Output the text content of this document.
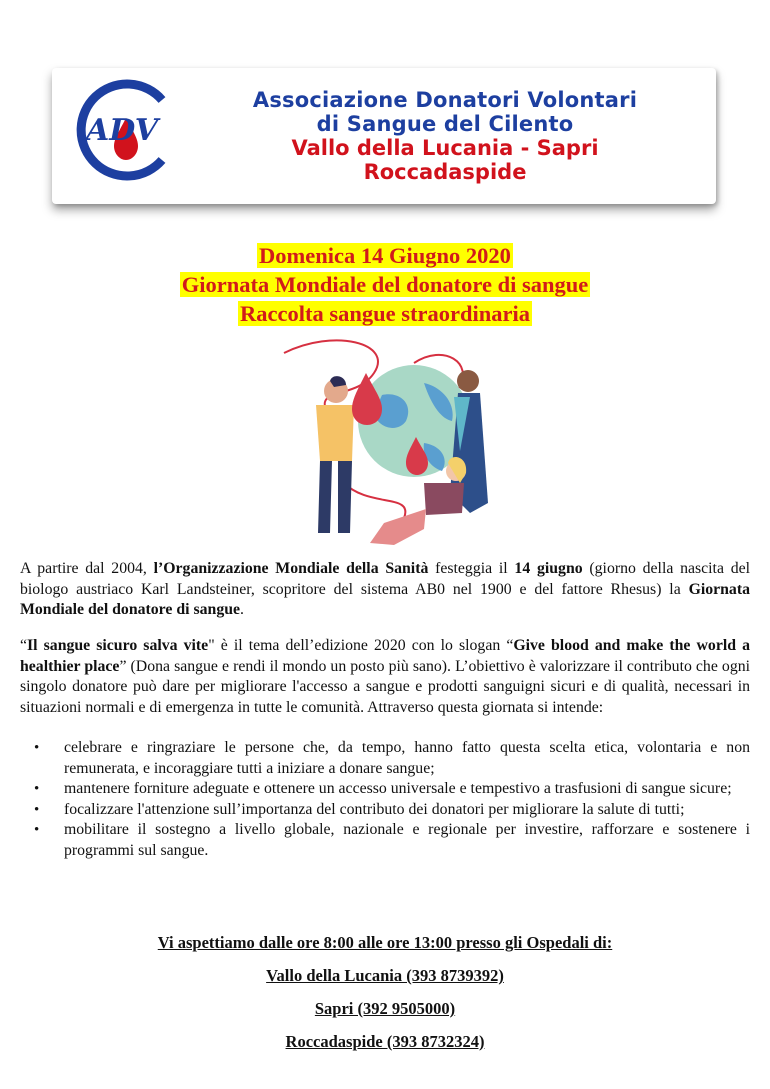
ADV
Associazione Donatori Volontari
di Sangue del Cilento
Vallo della Lucania - Sapri
Roccadaspide
Domenica 14 Giugno 2020
Giornata Mondiale del donatore di sangue
Raccolta sangue straordinaria
A partire dal 2004, l’Organizzazione Mondiale della Sanità festeggia il 14 giugno (giorno della nascita del biologo austriaco Karl Landsteiner, scopritore del sistema AB0 nel 1900 e del fattore Rhesus) la Giornata Mondiale del donatore di sangue.
“Il sangue sicuro salva vite" è il tema dell’edizione 2020 con lo slogan “Give blood and make the world a healthier place” (Dona sangue e rendi il mondo un posto più sano). L’obiettivo è valorizzare il contributo che ogni singolo donatore può dare per migliorare l'accesso a sangue e prodotti sanguigni sicuri e di qualità, necessari in situazioni normali e di emergenza in tutte le comunità. Attraverso questa giornata si intende:
• celebrare e ringraziare le persone che, da tempo, hanno fatto questa scelta etica, volontaria e non remunerata, e incoraggiare tutti a iniziare a donare sangue;
• mantenere forniture adeguate e ottenere un accesso universale e tempestivo a trasfusioni di sangue sicure;
• focalizzare l'attenzione sull’importanza del contributo dei donatori per migliorare la salute di tutti;
• mobilitare il sostegno a livello globale, nazionale e regionale per investire, rafforzare e sostenere i programmi sul sangue.
Vi aspettiamo dalle ore 8:00 alle ore 13:00 presso gli Ospedali di:
Vallo della Lucania (393 8739392)
Sapri (392 9505000)
Roccadaspide (393 8732324)
